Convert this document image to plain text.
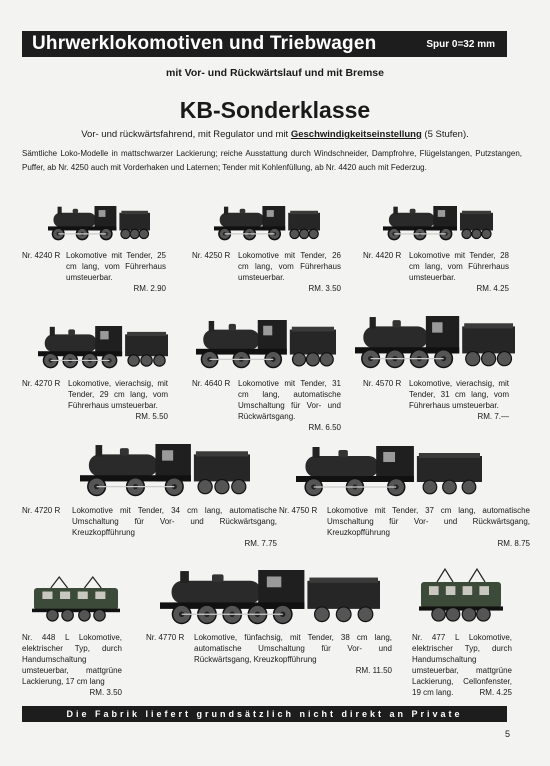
Uhrwerklokomotiven und Triebwagen	Spur 0=32 mm
mit Vor- und Rückwärtslauf und mit Bremse
KB-Sonderklasse
Vor- und rückwärtsfahrend, mit Regulator und mit Geschwindigkeitseinstellung (5 Stufen).
Sämtliche Loko-Modelle in mattschwarzer Lackierung; reiche Ausstattung durch Windschneider, Dampfrohre, Flügelstangen, Putzstangen, Puffer, ab Nr. 4250 auch mit Vorderhaken und Laternen; Tender mit Kohlenfüllung, ab Nr. 4420 auch mit Federzug.
Nr. 4240 R Lokomotive mit Tender, 25 cm lang, vom Führerhaus umsteuerbar.
RM. 2.90
Nr. 4250 R Lokomotive mit Tender, 26 cm lang, vom Führerhaus umsteuerbar.
RM. 3.50
Nr. 4420 R Lokomotive mit Tender, 28 cm lang, vom Führerhaus umsteuerbar.
RM. 4.25
Nr. 4270 R Lokomotive, vierachsig, mit Tender, 29 cm lang, vom Führerhaus umsteuerbar.
RM. 5.50
Nr. 4640 R Lokomotive mit Tender, 31 cm lang, automatische Umschaltung für Vor- und Rückwärtsgang.
RM. 6.50
Nr. 4570 R Lokomotive, vierachsig, mit Tender, 31 cm lang, vom Führerhaus umsteuerbar.
RM. 7.—
Nr. 4720 R Lokomotive mit Tender, 34 cm lang, automatische Umschaltung für Vor- und Rückwärtsgang, Kreuzkopfführung
RM. 7.75
Nr. 4750 R Lokomotive mit Tender, 37 cm lang, automatische Umschaltung für Vor- und Rückwärtsgang, Kreuzkopfführung
RM. 8.75
Nr. 448 L Lokomotive, elektrischer Typ, durch Handumschaltung umsteuerbar, mattgrüne Lackierung, 17 cm lang
RM. 3.50
Nr. 4770 R Lokomotive, fünfachsig, mit Tender, 38 cm lang, automatische Umschaltung für Vor- und Rückwärtsgang, Kreuzkopfführung
RM. 11.50
Nr. 477 L Lokomotive, elektrischer Typ, durch Handumschaltung umsteuerbar, mattgrüne Lackierung, Cellonfenster, 19 cm lang.	RM. 4.25
Die Fabrik liefert grundsätzlich nicht direkt an Private
5
